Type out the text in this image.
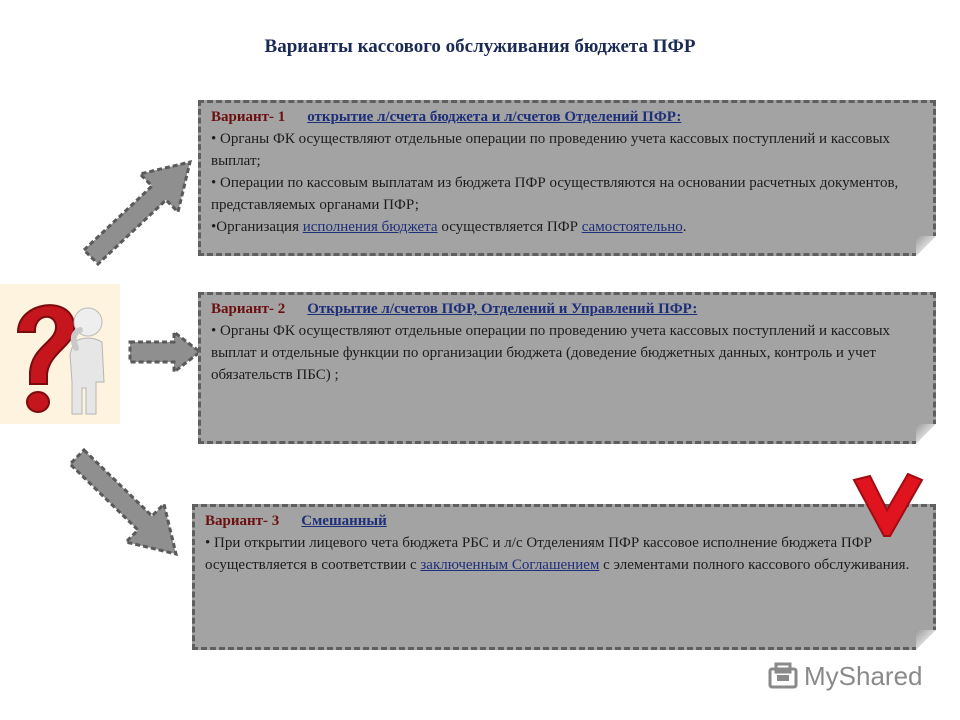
Варианты кассового обслуживания бюджета ПФР
Вариант- 1 открытие л/счета бюджета и л/счетов Отделений ПФР:

• Органы ФК осуществляют отдельные операции по проведению учета кассовых поступлений и кассовых выплат;

• Операции по кассовым выплатам из бюджета ПФР осуществляются на основании расчетных документов, представляемых органами ПФР;

•Организация исполнения бюджета осуществляется ПФР самостоятельно.

Вариант- 2 Открытие л/счетов ПФР, Отделений и Управлений ПФР:

• Органы ФК осуществляют отдельные операции по проведению учета кассовых поступлений и кассовых выплат и отдельные функции по организации бюджета (доведение бюджетных данных, контроль и учет обязательств ПБС) ;

Вариант- 3 Смешанный

• При открытии лицевого чета бюджета РБС и л/с Отделениям ПФР кассовое исполнение бюджета ПФР осуществляется в соответствии с заключенным Соглашением с элементами полного кассового обслуживания.

MyShared
